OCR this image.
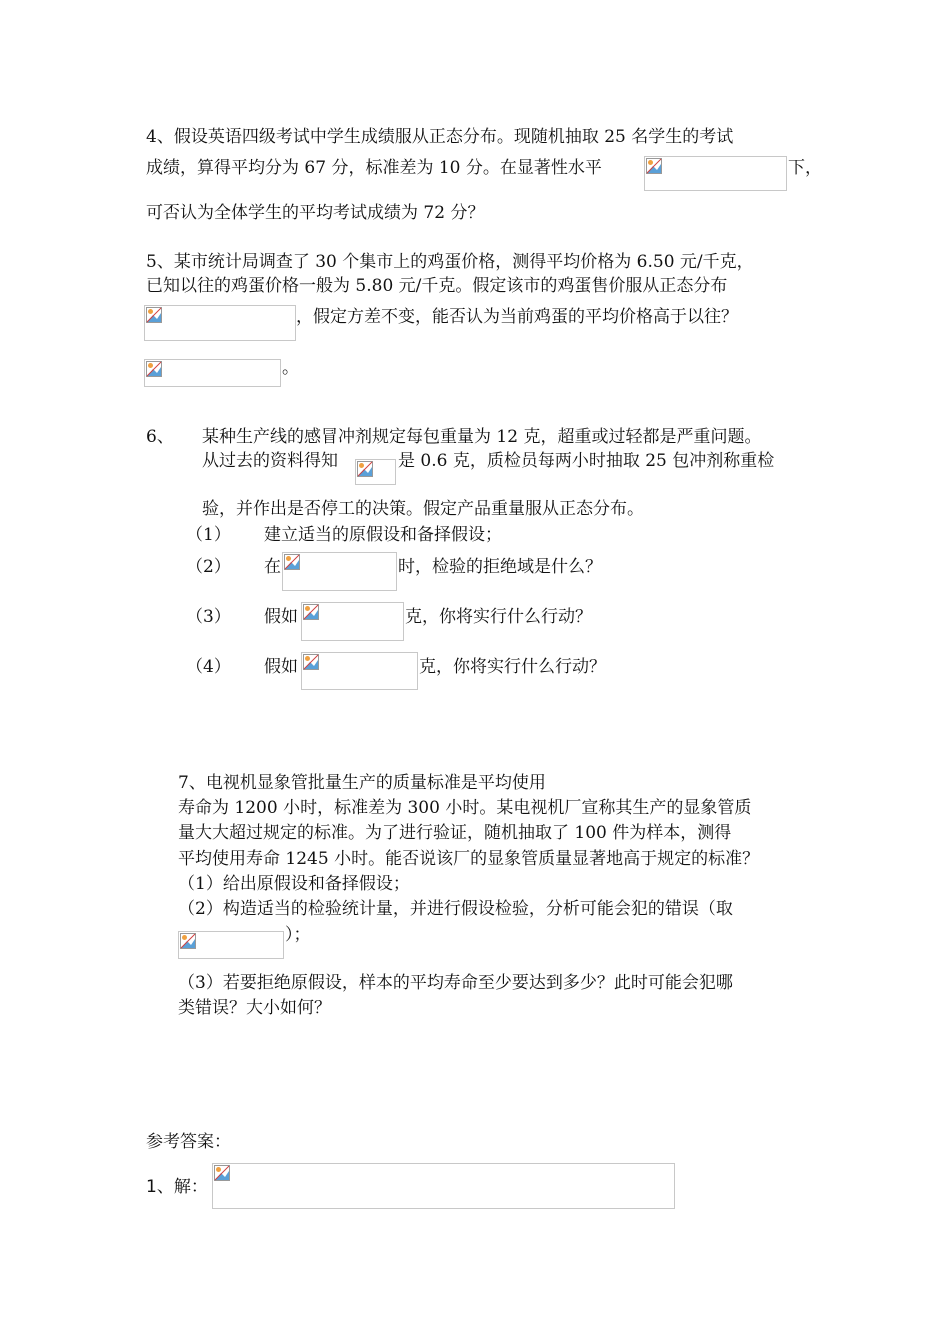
4、假设英语四级考试中学生成绩服从正态分布。现随机抽取 25 名学生的考试
成绩，算得平均分为 67 分，标准差为 10 分。在显著性水平	下，
可否认为全体学生的平均考试成绩为 72 分？
5、某市统计局调查了 30 个集市上的鸡蛋价格，测得平均价格为 6.50 元/千克，
已知以往的鸡蛋价格一般为 5.80 元/千克。假定该市的鸡蛋售价服从正态分布
，假定方差不变，能否认为当前鸡蛋的平均价格高于以往？
。
6、 某种生产线的感冒冲剂规定每包重量为 12 克，超重或过轻都是严重问题。
从过去的资料得知	是 0.6 克，质检员每两小时抽取 25 包冲剂称重检
验，并作出是否停工的决策。假定产品重量服从正态分布。
（1） 建立适当的原假设和备择假设；
（2） 在	时，检验的拒绝域是什么？
（3） 假如	克，你将实行什么行动？
（4） 假如	克，你将实行什么行动？
7、电视机显象管批量生产的质量标准是平均使用
寿命为 1200 小时，标准差为 300 小时。某电视机厂宣称其生产的显象管质
量大大超过规定的标准。为了进行验证，随机抽取了 100 件为样本，测得
平均使用寿命 1245 小时。能否说该厂的显象管质量显著地高于规定的标准？
（1）给出原假设和备择假设；
（2）构造适当的检验统计量，并进行假设检验，分析可能会犯的错误（取
）；
（3）若要拒绝原假设，样本的平均寿命至少要达到多少？此时可能会犯哪
类错误？大小如何？
参考答案：
1、解：
